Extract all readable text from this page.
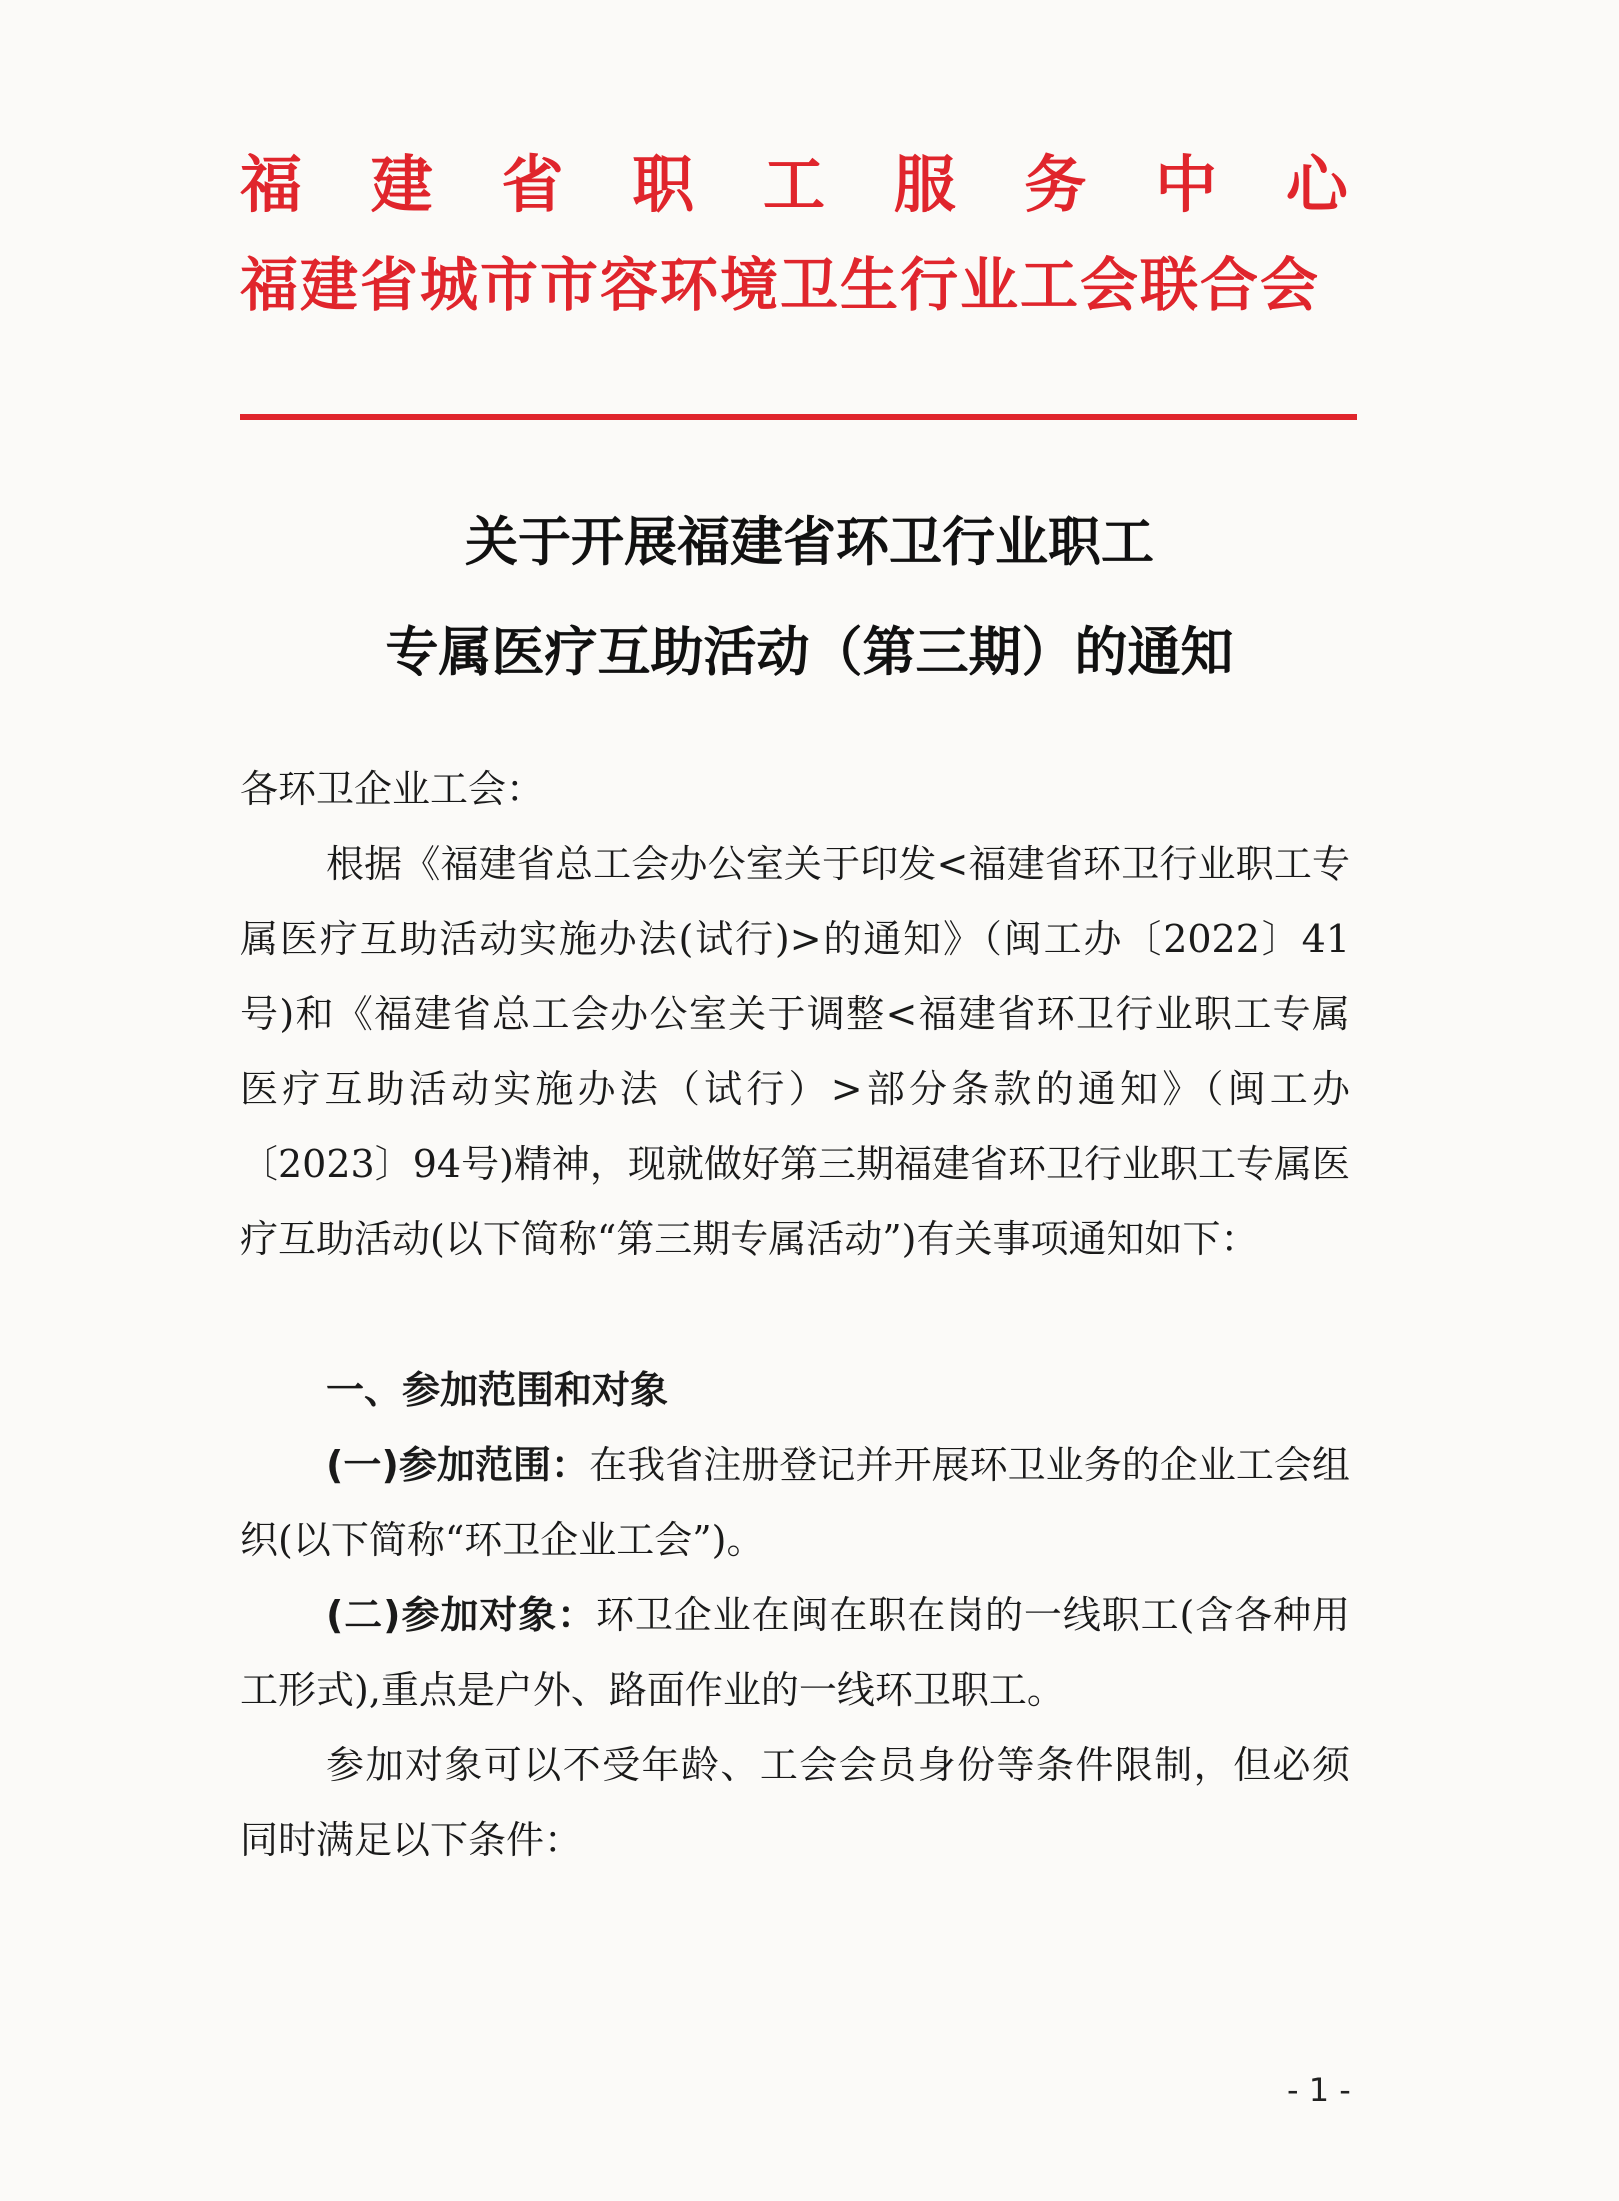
福 建 省 职 工 服 务 中 心
福建省城市市容环境卫生行业工会联合会
关于开展福建省环卫行业职工
专属医疗互助活动（第三期）的通知
各环卫企业工会：
根据《福建省总工会办公室关于印发<福建省环卫行业职工专属医疗互助活动实施办法(试行)>的通知》（闽工办〔2022〕41号)和《福建省总工会办公室关于调整<福建省环卫行业职工专属医疗互助活动实施办法（试行）>部分条款的通知》（闽工办〔2023〕94号)精神，现就做好第三期福建省环卫行业职工专属医疗互助活动(以下简称“第三期专属活动”)有关事项通知如下：
一、参加范围和对象
(一)参加范围：在我省注册登记并开展环卫业务的企业工会组织(以下简称“环卫企业工会”)。
(二)参加对象：环卫企业在闽在职在岗的一线职工(含各种用工形式),重点是户外、路面作业的一线环卫职工。
参加对象可以不受年龄、工会会员身份等条件限制，但必须同时满足以下条件：
- 1 -
